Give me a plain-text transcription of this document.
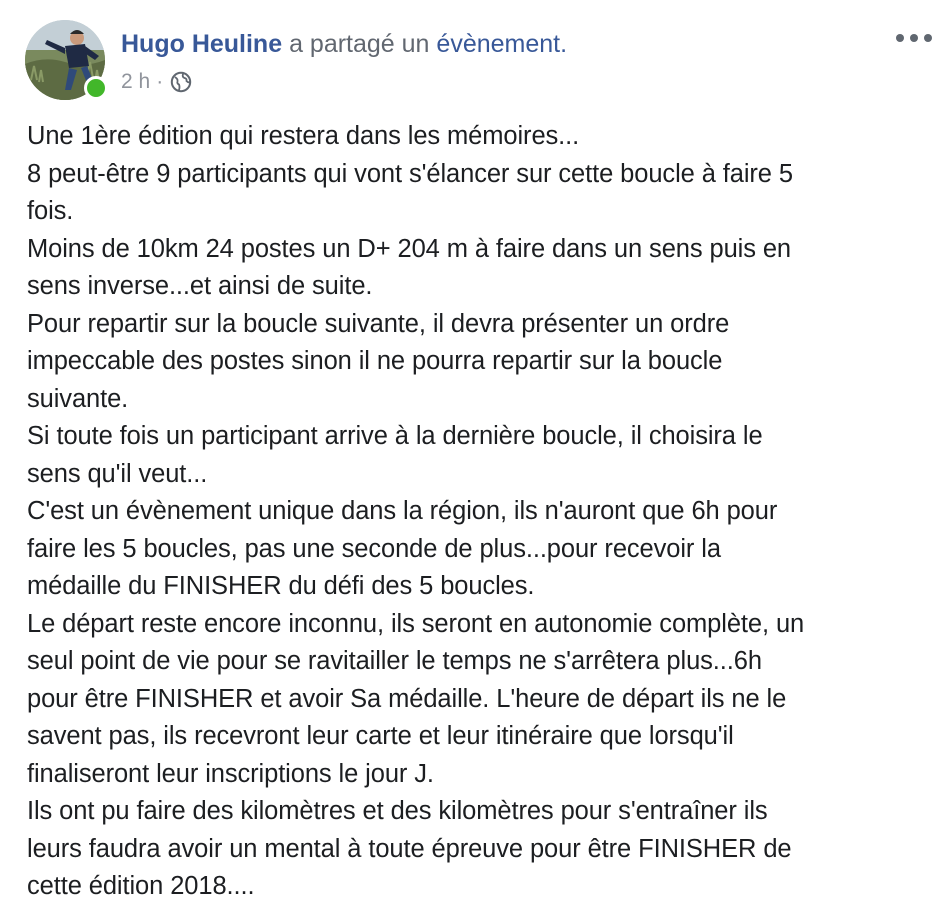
Hugo Heuline a partagé un évènement.
2 h ·
Une 1ère édition qui restera dans les mémoires...
8 peut-être 9 participants qui vont s'élancer sur cette boucle à faire 5
fois.
Moins de 10km 24 postes un D+ 204 m à faire dans un sens puis en
sens inverse...et ainsi de suite.
Pour repartir sur la boucle suivante, il devra présenter un ordre
impeccable des postes sinon il ne pourra repartir sur la boucle
suivante.
Si toute fois un participant arrive à la dernière boucle, il choisira le
sens qu'il veut...
C'est un évènement unique dans la région, ils n'auront que 6h pour
faire les 5 boucles, pas une seconde de plus...pour recevoir la
médaille du FINISHER du défi des 5 boucles.
Le départ reste encore inconnu, ils seront en autonomie complète, un
seul point de vie pour se ravitailler le temps ne s'arrêtera plus...6h
pour être FINISHER et avoir Sa médaille. L'heure de départ ils ne le
savent pas, ils recevront leur carte et leur itinéraire que lorsqu'il
finaliseront leur inscriptions le jour J.
Ils ont pu faire des kilomètres et des kilomètres pour s'entraîner ils
leurs faudra avoir un mental à toute épreuve pour être FINISHER de
cette édition 2018....
